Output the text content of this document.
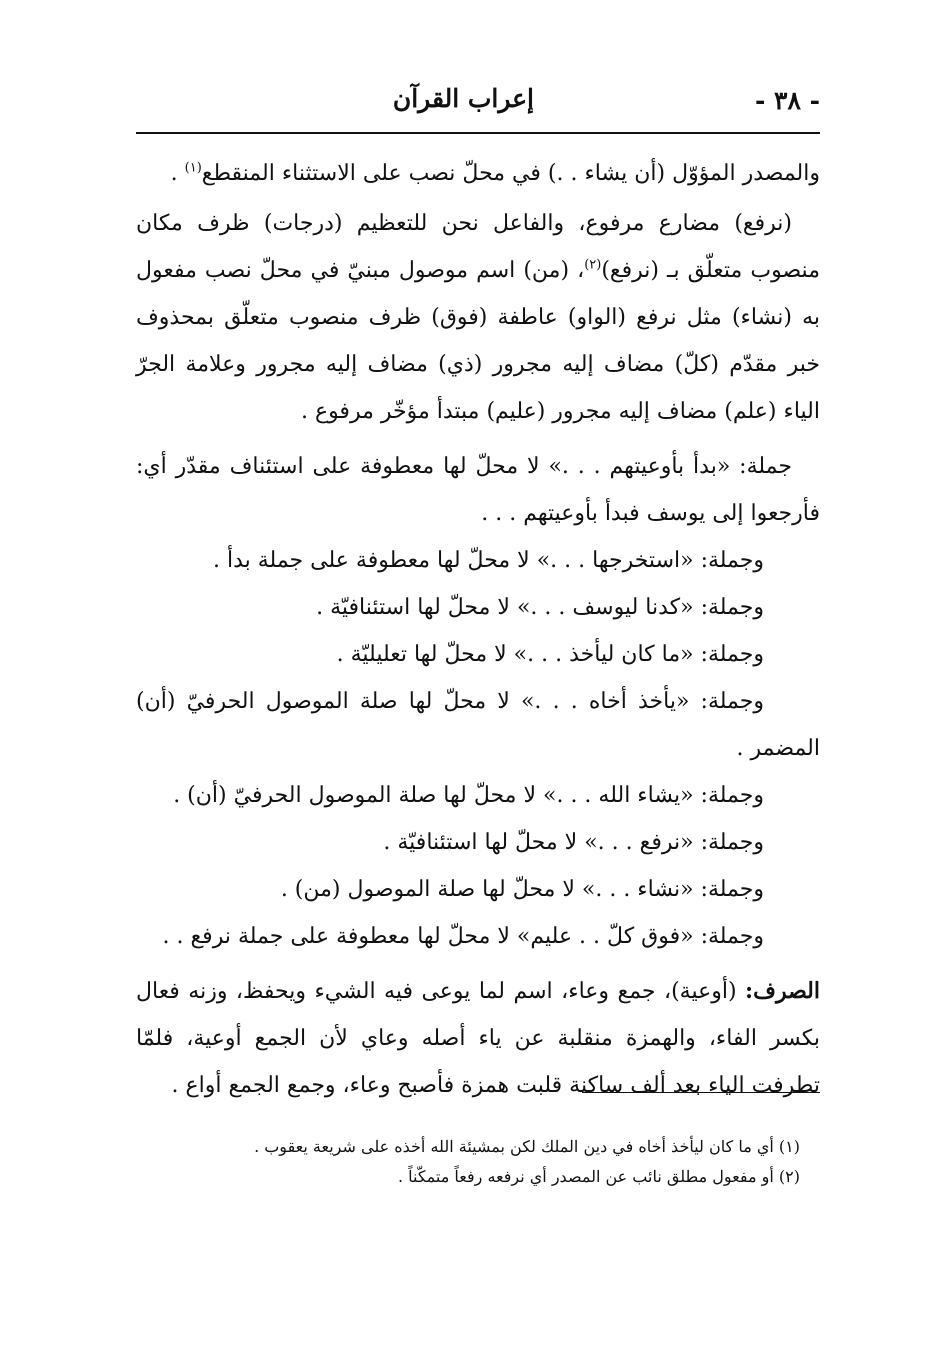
- ٣٨ -
إعراب القرآن

والمصدر المؤوّل (أن يشاء . .) في محلّ نصب على الاستثناء المنقطع$^{(١)}$ .

(نرفع) مضارع مرفوع، والفاعل نحن للتعظيم (درجات) ظرف مكان منصوب متعلّق بـ (نرفع)$^{(٢)}$، (من) اسم موصول مبنيّ في محلّ نصب مفعول به (نشاء) مثل نرفع (الواو) عاطفة (فوق) ظرف منصوب متعلّق بمحذوف خبر مقدّم (كلّ) مضاف إليه مجرور (ذي) مضاف إليه مجرور وعلامة الجرّ الياء (علم) مضاف إليه مجرور (عليم) مبتدأ مؤخّر مرفوع .

جملة: «بدأ بأوعيتهم . . .» لا محلّ لها معطوفة على استئناف مقدّر أي: فأرجعوا إلى يوسف فبدأ بأوعيتهم . . .

وجملة: «استخرجها . . .» لا محلّ لها معطوفة على جملة بدأ .
وجملة: «كدنا ليوسف . . .» لا محلّ لها استئنافيّة .
وجملة: «ما كان ليأخذ . . .» لا محلّ لها تعليليّة .

وجملة: «يأخذ أخاه . . .» لا محلّ لها صلة الموصول الحرفيّ (أن) المضمر .

وجملة: «يشاء الله . . .» لا محلّ لها صلة الموصول الحرفيّ (أن) .
وجملة: «نرفع . . .» لا محلّ لها استئنافيّة .
وجملة: «نشاء . . .» لا محلّ لها صلة الموصول (من) .
وجملة: «فوق كلّ . . عليم» لا محلّ لها معطوفة على جملة نرفع . .

الصرف: (أوعية)، جمع وعاء، اسم لما يوعى فيه الشيء ويحفظ، وزنه فعال بكسر الفاء، والهمزة منقلبة عن ياء أصله وعاي لأن الجمع أوعية، فلمّا تطرفت الياء بعد ألف ساكنة قلبت همزة فأصبح وعاء، وجمع الجمع أواع .

(١) أي ما كان ليأخذ أخاه في دين الملك لكن بمشيئة الله أخذه على شريعة يعقوب .

(٢) أو مفعول مطلق نائب عن المصدر أي نرفعه رفعاً متمكّناً .
